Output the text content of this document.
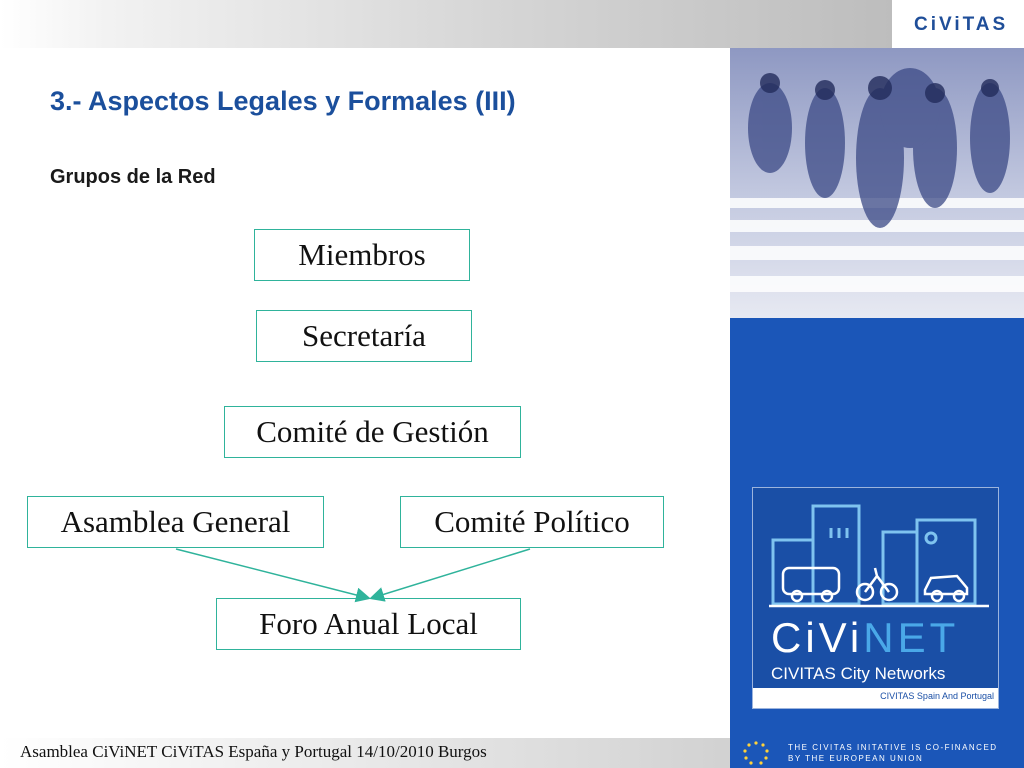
CiViTAS
3.- Aspectos Legales y Formales (III)
Grupos de la Red
Miembros
Secretaría
Comité de Gestión
Asamblea General	Comité Político
Foro Anual Local	CiViNET
CIVITAS City Networks
CIVITAS Spain And Portugal
Asamblea CiViNET CiViTAS España y Portugal 14/10/2010 Burgos	THE CIVITAS INITATIVE IS CO-FINANCED
BY THE EUROPEAN UNION
